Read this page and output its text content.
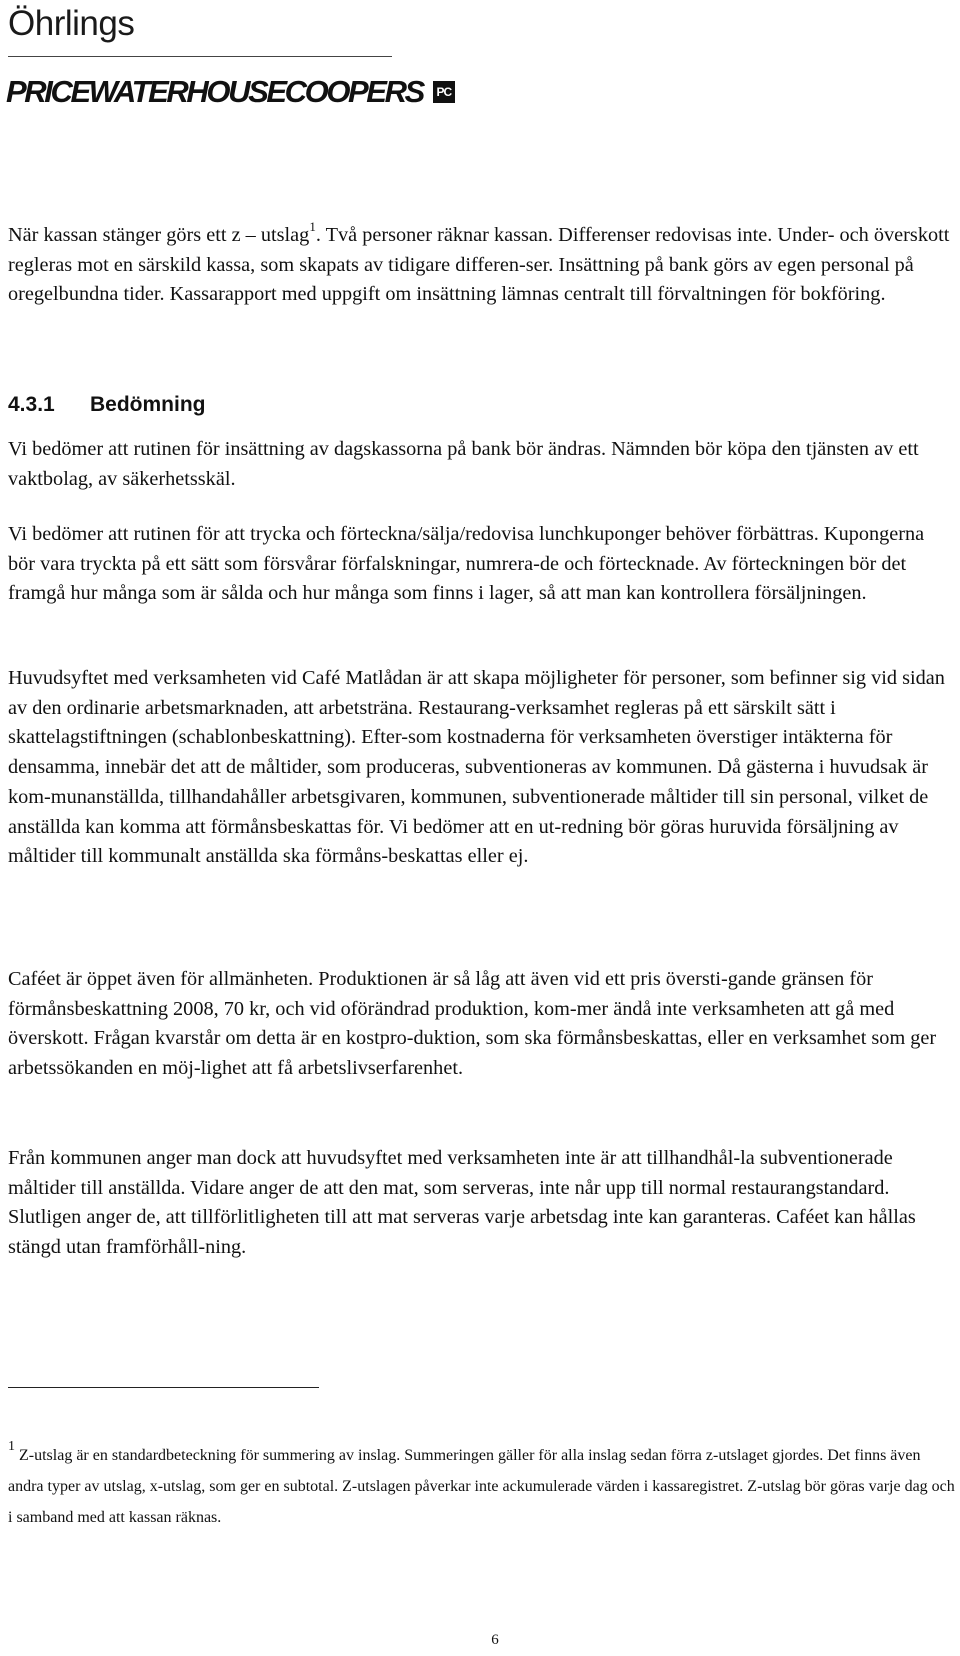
Öhrlings
PRICEWATERHOUSECOOPERS PC

När kassan stänger görs ett z – utslag$^1$. Två personer räknar kassan. Differenser redovisas inte. Under- och överskott regleras mot en särskild kassa, som skapats av tidigare differen-ser. Insättning på bank görs av egen personal på oregelbundna tider. Kassarapport med uppgift om insättning lämnas centralt till förvaltningen för bokföring.

4.3.1 Bedömning

Vi bedömer att rutinen för insättning av dagskassorna på bank bör ändras. Nämnden bör köpa den tjänsten av ett vaktbolag, av säkerhetsskäl.

Vi bedömer att rutinen för att trycka och förteckna/sälja/redovisa lunchkuponger behöver förbättras. Kupongerna bör vara tryckta på ett sätt som försvårar förfalskningar, numrera-de och förtecknade. Av förteckningen bör det framgå hur många som är sålda och hur många som finns i lager, så att man kan kontrollera försäljningen.

Huvudsyftet med verksamheten vid Café Matlådan är att skapa möjligheter för personer, som befinner sig vid sidan av den ordinarie arbetsmarknaden, att arbetsträna. Restaurang-verksamhet regleras på ett särskilt sätt i skattelagstiftningen (schablonbeskattning). Efter-som kostnaderna för verksamheten överstiger intäkterna för densamma, innebär det att de måltider, som produceras, subventioneras av kommunen. Då gästerna i huvudsak är kom-munanställda, tillhandahåller arbetsgivaren, kommunen, subventionerade måltider till sin personal, vilket de anställda kan komma att förmånsbeskattas för. Vi bedömer att en ut-redning bör göras huruvida försäljning av måltider till kommunalt anställda ska förmåns-beskattas eller ej.

Caféet är öppet även för allmänheten. Produktionen är så låg att även vid ett pris översti-gande gränsen för förmånsbeskattning 2008, 70 kr, och vid oförändrad produktion, kom-mer ändå inte verksamheten att gå med överskott. Frågan kvarstår om detta är en kostpro-duktion, som ska förmånsbeskattas, eller en verksamhet som ger arbetssökanden en möj-lighet att få arbetslivserfarenhet.

Från kommunen anger man dock att huvudsyftet med verksamheten inte är att tillhandhål-la subventionerade måltider till anställda. Vidare anger de att den mat, som serveras, inte når upp till normal restaurangstandard. Slutligen anger de, att tillförlitligheten till att mat serveras varje arbetsdag inte kan garanteras. Caféet kan hållas stängd utan framförhåll-ning.

$^1$Z-utslag är en standardbeteckning för summering av inslag. Summeringen gäller för alla inslag sedan förra z-utslaget gjordes. Det finns även andra typer av utslag, x-utslag, som ger en subtotal. Z-utslagen påverkar inte ackumulerade värden i kassaregistret. Z-utslag bör göras varje dag och i samband med att kassan räknas.

6
